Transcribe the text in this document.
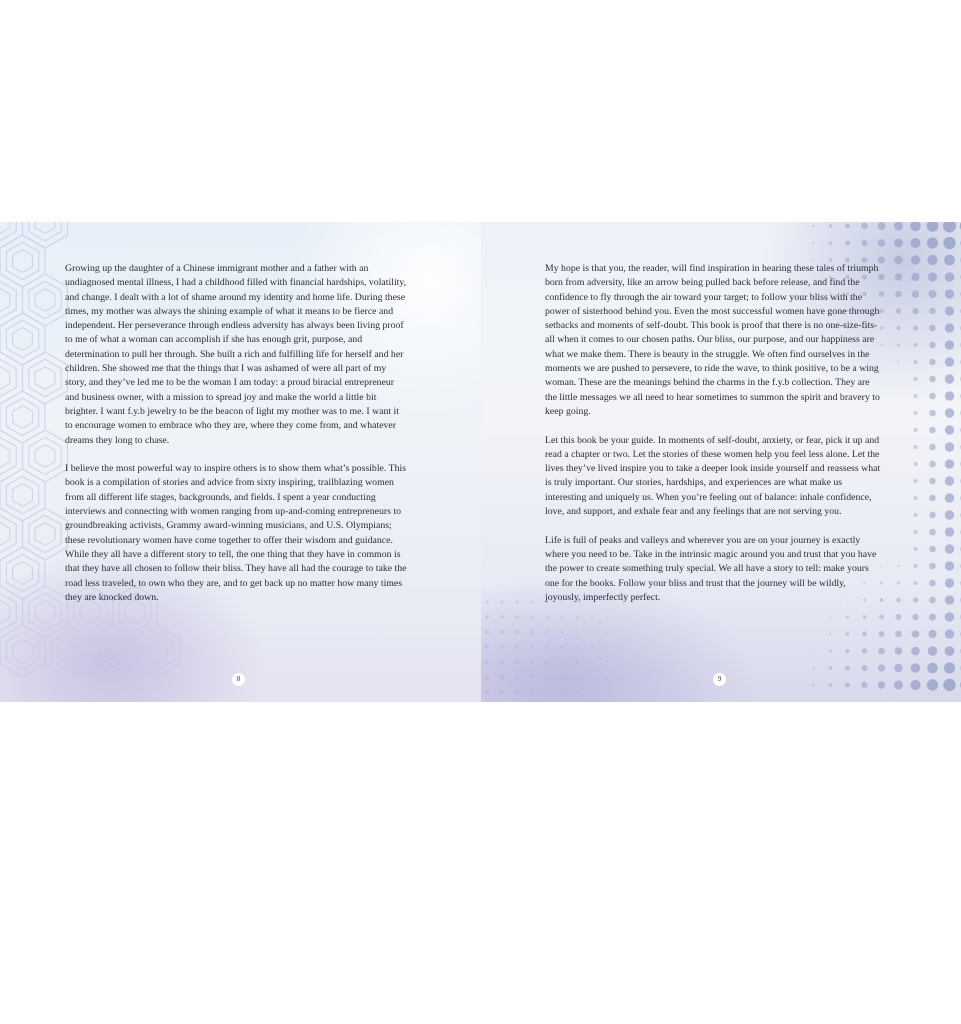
Growing up the daughter of a Chinese immigrant mother and a father with an undiagnosed mental illness, I had a childhood filled with financial hardships, volatility, and change. I dealt with a lot of shame around my identity and home life. During these times, my mother was always the shining example of what it means to be fierce and independent. Her perseverance through endless adversity has always been living proof to me of what a woman can accomplish if she has enough grit, purpose, and determination to pull her through. She built a rich and fulfilling life for herself and her children. She showed me that the things that I was ashamed of were all part of my story, and they’ve led me to be the woman I am today: a proud biracial entrepreneur and business owner, with a mission to spread joy and make the world a little bit brighter. I want f.y.b jewelry to be the beacon of light my mother was to me. I want it to encourage women to embrace who they are, where they come from, and whatever dreams they long to chase.

I believe the most powerful way to inspire others is to show them what’s possible. This book is a compilation of stories and advice from sixty inspiring, trailblazing women from all different life stages, backgrounds, and fields. I spent a year conducting interviews and connecting with women ranging from up-and-coming entrepreneurs to groundbreaking activists, Grammy award-winning musicians, and U.S. Olympians; these revolutionary women have come together to offer their wisdom and guidance. While they all have a different story to tell, the one thing that they have in common is that they have all chosen to follow their bliss. They have all had the courage to take the road less traveled, to own who they are, and to get back up no matter how many times they are knocked down.

8

My hope is that you, the reader, will find inspiration in hearing these tales of triumph born from adversity, like an arrow being pulled back before release, and find the confidence to fly through the air toward your target; to follow your bliss with the power of sisterhood behind you. Even the most successful women have gone through setbacks and moments of self-doubt. This book is proof that there is no one-size-fits-all when it comes to our chosen paths. Our bliss, our purpose, and our happiness are what we make them. There is beauty in the struggle. We often find ourselves in the moments we are pushed to persevere, to ride the wave, to think positive, to be a wing woman. These are the meanings behind the charms in the f.y.b collection. They are the little messages we all need to hear sometimes to summon the spirit and bravery to keep going.

Let this book be your guide. In moments of self-doubt, anxiety, or fear, pick it up and read a chapter or two. Let the stories of these women help you feel less alone. Let the lives they’ve lived inspire you to take a deeper look inside yourself and reassess what is truly important. Our stories, hardships, and experiences are what make us interesting and uniquely us. When you’re feeling out of balance: inhale confidence, love, and support, and exhale fear and any feelings that are not serving you.

Life is full of peaks and valleys and wherever you are on your journey is exactly where you need to be. Take in the intrinsic magic around you and trust that you have the power to create something truly special. We all have a story to tell: make yours one for the books. Follow your bliss and trust that the journey will be wildly, joyously, imperfectly perfect.

9
